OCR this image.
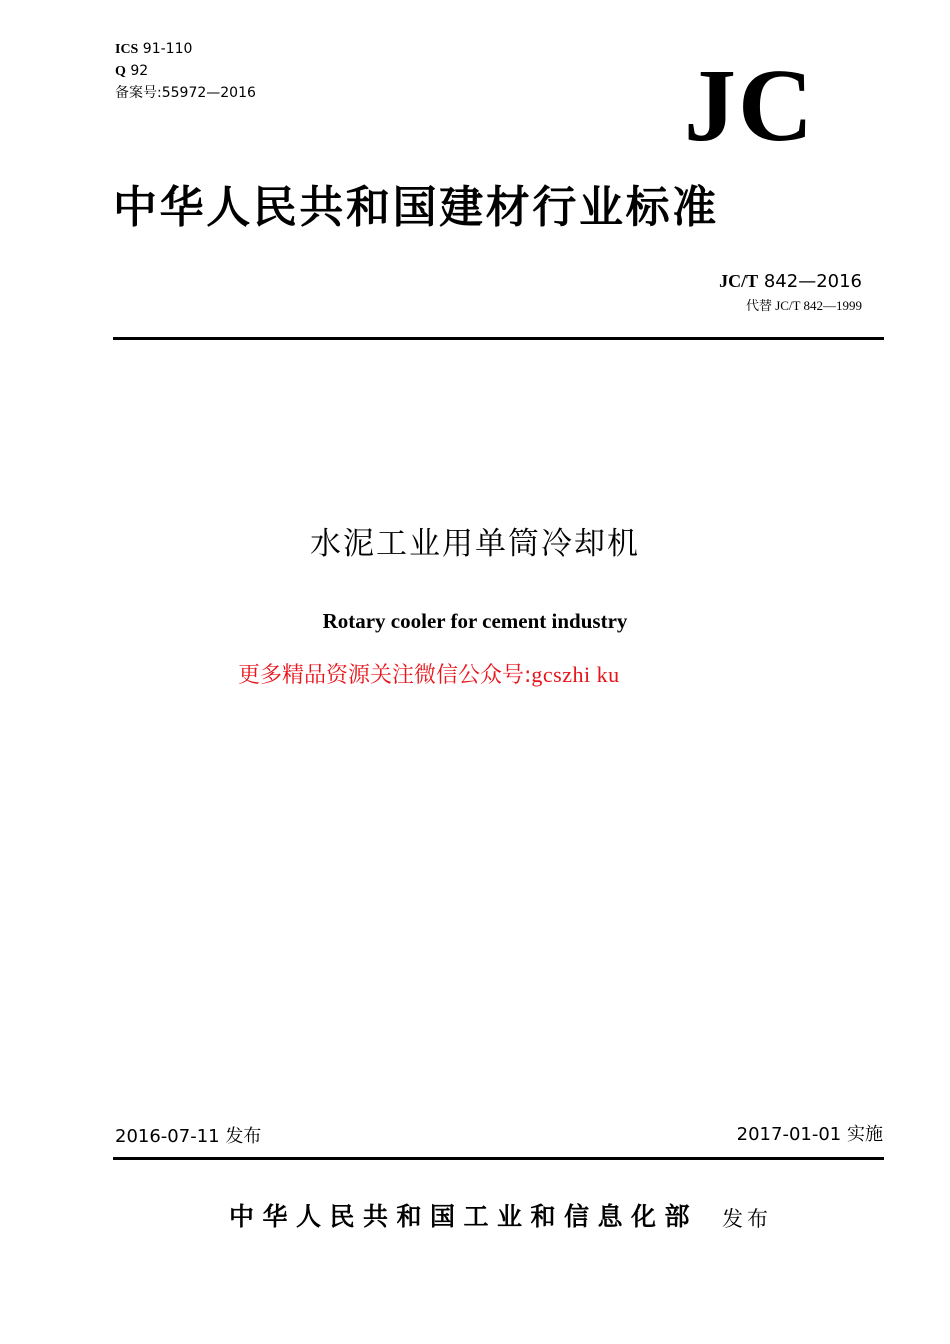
ICS 91-110
Q 92
备案号:55972—2016	JC
中华人民共和国建材行业标准
JC/T 842—2016
代替 JC/T 842—1999
水泥工业用单筒冷却机
Rotary cooler for cement industry
更多精品资源关注微信公众号:gcszhi ku
2016-07-11 发布	2017-01-01 实施
中华人民共和国工业和信息化部 发布
